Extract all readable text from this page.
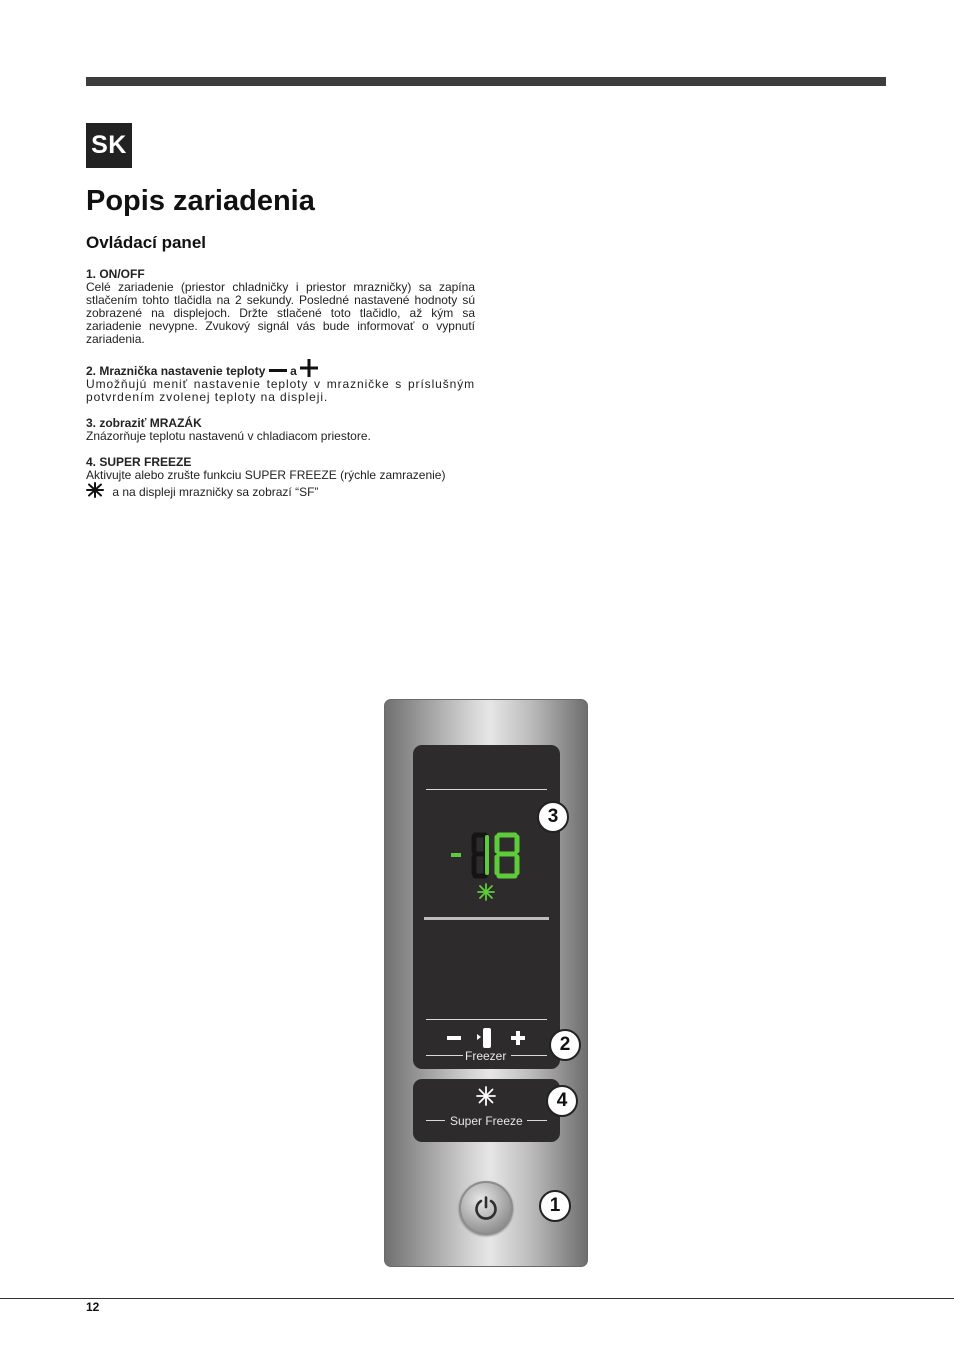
SK
Popis zariadenia
Ovládací panel
1. ON/OFF
Celé zariadenie (priestor chladničky i priestor mrazničky) sa zapína stlačením tohto tlačidla na 2 sekundy. Posledné nastavené hodnoty sú zobrazené na displejoch. Držte stlačené toto tlačidlo, až kým sa zariadenie nevypne. Zvukový signál vás bude informovať o vypnutí zariadenia.
2. Mraznička nastavenie teploty a
Umožňujú meniť nastavenie teploty v mrazničke s príslušným potvrdením zvolenej teploty na displeji.
3. zobraziť MRAZÁK
Znázorňuje teplotu nastavenú v chladiacom priestore.
4. SUPER FREEZE
Aktivujte alebo zrušte funkciu SUPER FREEZE (rýchle zamrazenie)
a na displeji mrazničky sa zobrazí “SF”
Freezer
Super Freeze
3
2
4
1
12
